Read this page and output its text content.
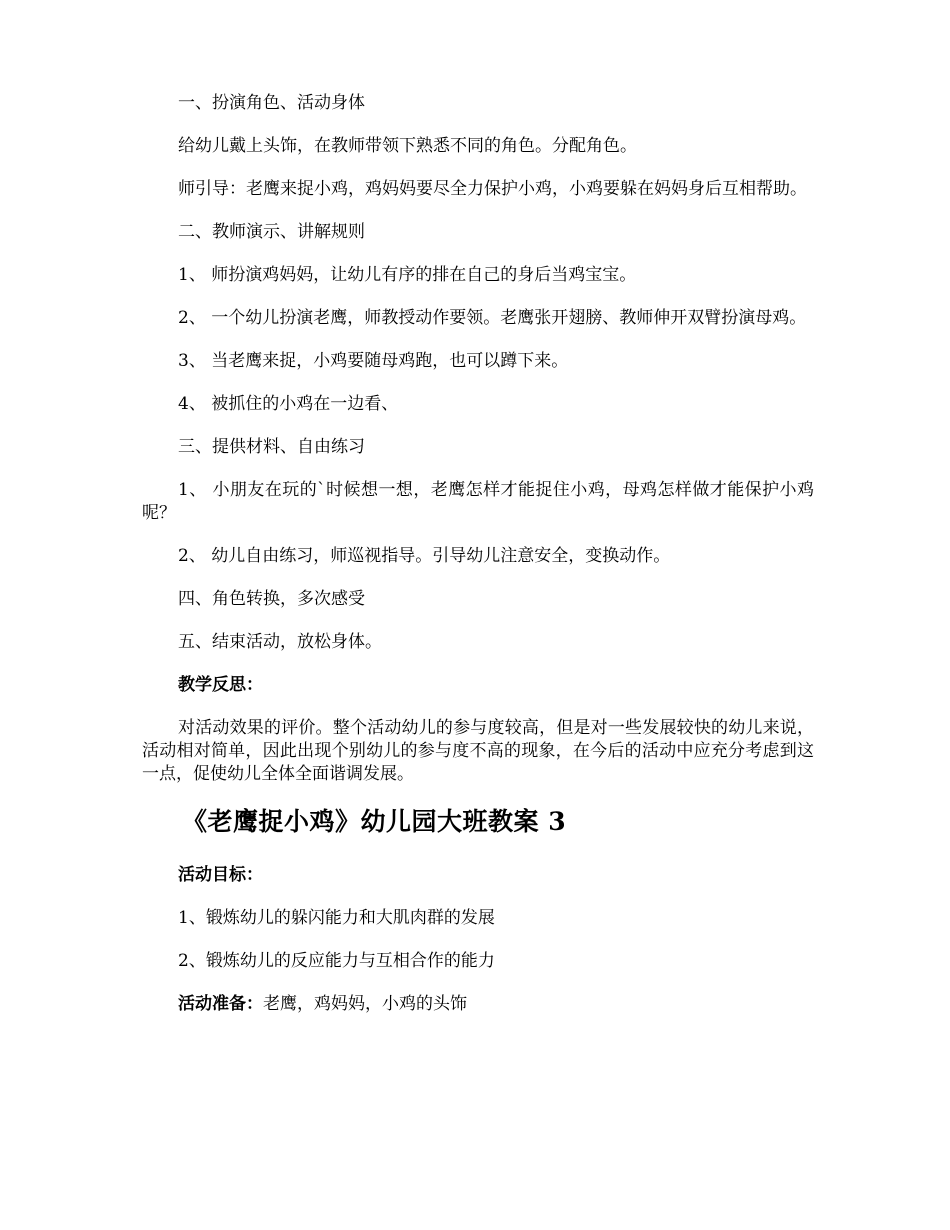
一、扮演角色、活动身体

给幼儿戴上头饰，在教师带领下熟悉不同的角色。分配角色。

师引导：老鹰来捉小鸡，鸡妈妈要尽全力保护小鸡，小鸡要躲在妈妈身后互相帮助。

二、教师演示、讲解规则

1、 师扮演鸡妈妈，让幼儿有序的排在自己的身后当鸡宝宝。

2、 一个幼儿扮演老鹰，师教授动作要领。老鹰张开翅膀、教师伸开双臂扮演母鸡。

3、 当老鹰来捉，小鸡要随母鸡跑，也可以蹲下来。

4、 被抓住的小鸡在一边看、

三、提供材料、自由练习

1、 小朋友在玩的`时候想一想，老鹰怎样才能捉住小鸡，母鸡怎样做才能保护小鸡呢？

2、 幼儿自由练习，师巡视指导。引导幼儿注意安全，变换动作。

四、角色转换，多次感受

五、结束活动，放松身体。

教学反思：

对活动效果的评价。整个活动幼儿的参与度较高，但是对一些发展较快的幼儿来说，活动相对简单，因此出现个别幼儿的参与度不高的现象，在今后的活动中应充分考虑到这一点，促使幼儿全体全面谐调发展。

《老鹰捉小鸡》幼儿园大班教案 3

活动目标：

1、锻炼幼儿的躲闪能力和大肌肉群的发展

2、锻炼幼儿的反应能力与互相合作的能力

活动准备：老鹰，鸡妈妈，小鸡的头饰
